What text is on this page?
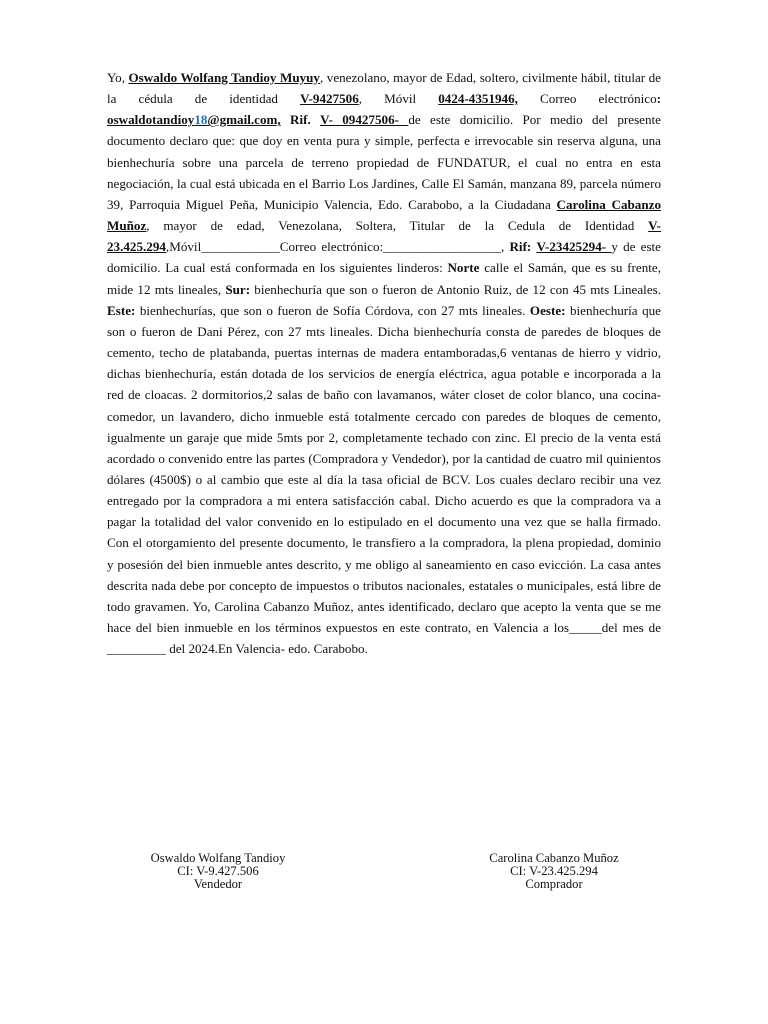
Yo, Oswaldo Wolfang Tandioy Muyuy, venezolano, mayor de Edad, soltero, civilmente hábil, titular de la cédula de identidad V-9427506, Móvil 0424-4351946, Correo electrónico: oswaldotandioy18@gmail.com, Rif. V- 09427506- de este domicilio. Por medio del presente documento declaro que: que doy en venta pura y simple, perfecta e irrevocable sin reserva alguna, una bienhechuría sobre una parcela de terreno propiedad de FUNDATUR, el cual no entra en esta negociación, la cual está ubicada en el Barrio Los Jardines, Calle El Samán, manzana 89, parcela número 39, Parroquia Miguel Peña, Municipio Valencia, Edo. Carabobo, a la Ciudadana Carolina Cabanzo Muñoz, mayor de edad, Venezolana, Soltera, Titular de la Cedula de Identidad V-23.425.294,Móvil____________Correo electrónico:__________________, Rif: V-23425294- y de este domicilio. La cual está conformada en los siguientes linderos: Norte calle el Samán, que es su frente, mide 12 mts lineales, Sur: bienhechuría que son o fueron de Antonio Ruiz, de 12 con 45 mts Lineales. Este: bienhechurías, que son o fueron de Sofía Córdova, con 27 mts lineales. Oeste: bienhechuría que son o fueron de Dani Pérez, con 27 mts lineales. Dicha bienhechuría consta de paredes de bloques de cemento, techo de platabanda, puertas internas de madera entamboradas,6 ventanas de hierro y vidrio, dichas bienhechuría, están dotada de los servicios de energía eléctrica, agua potable e incorporada a la red de cloacas. 2 dormitorios,2 salas de baño con lavamanos, wáter closet de color blanco, una cocina- comedor, un lavandero, dicho inmueble está totalmente cercado con paredes de bloques de cemento, igualmente un garaje que mide 5mts por 2, completamente techado con zinc. El precio de la venta está acordado o convenido entre las partes (Compradora y Vendedor), por la cantidad de cuatro mil quinientos dólares (4500$) o al cambio que este al día la tasa oficial de BCV. Los cuales declaro recibir una vez entregado por la compradora a mi entera satisfacción cabal. Dicho acuerdo es que la compradora va a pagar la totalidad del valor convenido en lo estipulado en el documento una vez que se halla firmado. Con el otorgamiento del presente documento, le transfiero a la compradora, la plena propiedad, dominio y posesión del bien inmueble antes descrito, y me obligo al saneamiento en caso evicción. La casa antes descrita nada debe por concepto de impuestos o tributos nacionales, estatales o municipales, está libre de todo gravamen. Yo, Carolina Cabanzo Muñoz, antes identificado, declaro que acepto la venta que se me hace del bien inmueble en los términos expuestos en este contrato, en Valencia a los_____del mes de _________ del 2024.En Valencia- edo. Carabobo.

Oswaldo Wolfang Tandioy
CI: V-9.427.506
Vendedor
Carolina Cabanzo Muñoz
CI: V-23.425.294
Comprador
